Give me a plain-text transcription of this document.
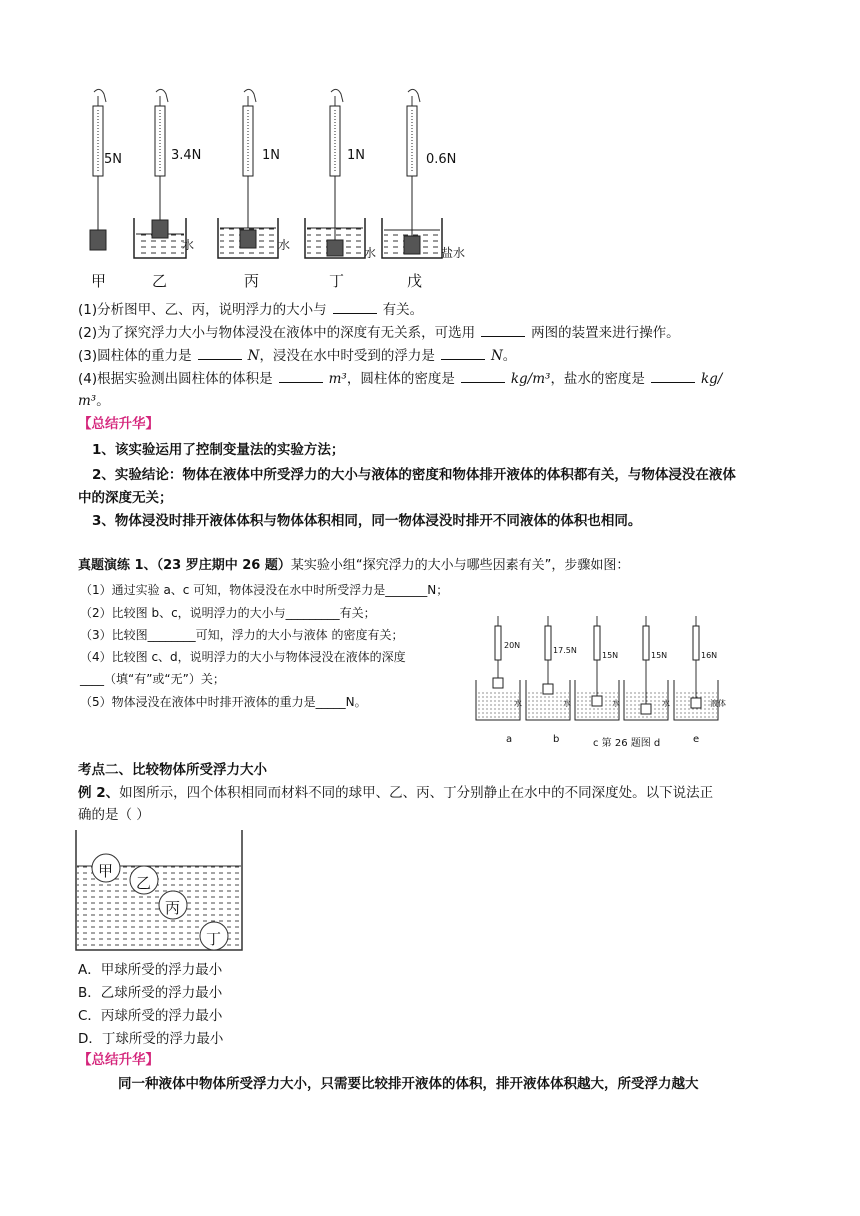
5N	3.4N	1N	1N	0.6N
水	水
水	盐水
甲	乙	丙	丁	戊
(1)分析图甲、乙、丙，说明浮力的大小与	有关。
(2)为了探究浮力大小与物体浸没在液体中的深度有无关系，可选用	两图的装置来进行操作。
(3)圆柱体的重力是	N，浸没在水中时受到的浮力是	N。
(4)根据实验测出圆柱体的体积是	m³，圆柱体的密度是	kg/m³，盐水的密度是	kg/
m³。
【总结升华】
1、该实验运用了控制变量法的实验方法；
2、实验结论：物体在液体中所受浮力的大小与液体的密度和物体排开液体的体积都有关，与物体浸没在液体
中的深度无关；
3、物体浸没时排开液体体积与物体体积相同，同一物体浸没时排开不同液体的体积也相同。
真题演练 1、（23 罗庄期中 26 题）某实验小组“探究浮力的大小与哪些因素有关”，步骤如图：
（1）通过实验 a、c 可知，物体浸没在水中时所受浮力是_______N；
（2）比较图 b、c，说明浮力的大小与_________有关；
（3）比较图________可知，浮力的大小与液体 的密度有关；
（4）比较图 c、d，说明浮力的大小与物体浸没在液体的深度
____（填“有”或“无”）关；
（5）物体浸没在液体中时排开液体的重力是_____N。
20N
17.5N
15N	15N	16N
水	水	水	水	液体
a	b	c 第 26 题图 d	e
考点二、比较物体所受浮力大小
例 2、如图所示，四个体积相同而材料不同的球甲、乙、丙、丁分别静止在水中的不同深度处。以下说法正
确的是（ ）
甲
乙
丙
丁
A．甲球所受的浮力最小
B．乙球所受的浮力最小
C．丙球所受的浮力最小
D．丁球所受的浮力最小
【总结升华】
同一种液体中物体所受浮力大小，只需要比较排开液体的体积，排开液体体积越大，所受浮力越大
